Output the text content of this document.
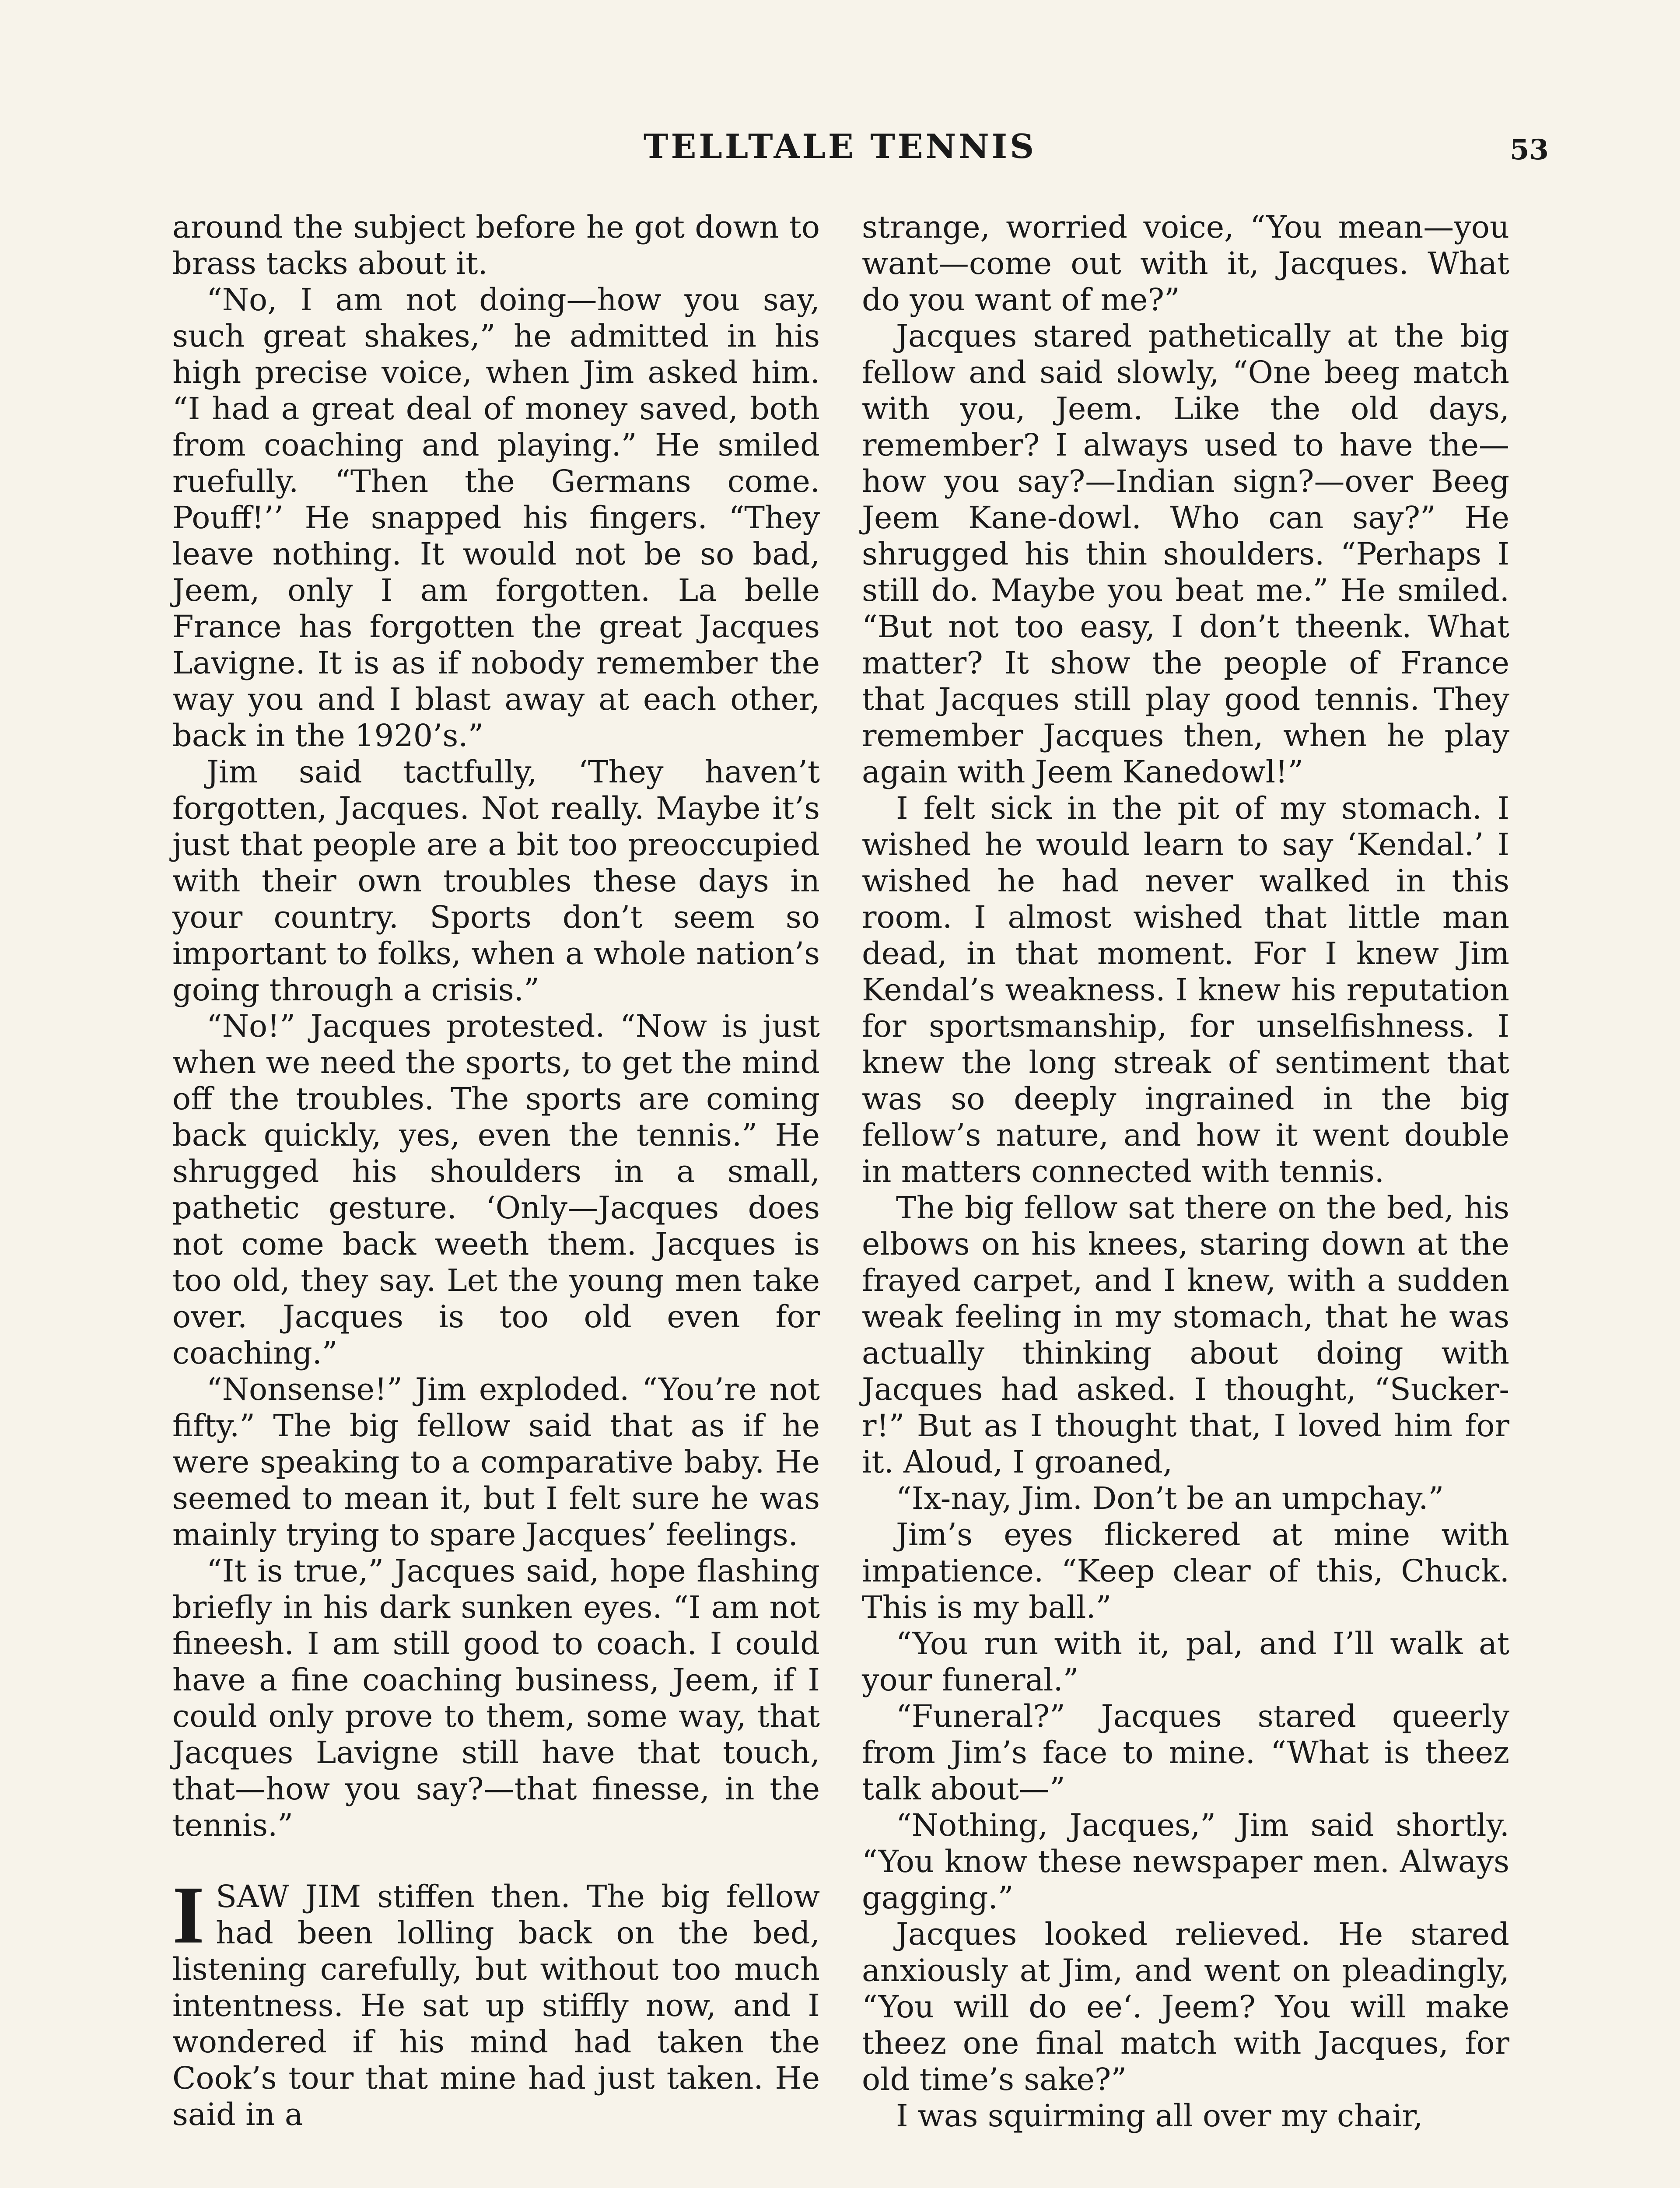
TELLTALE TENNIS	53

around the subject before he got down to brass tacks about it.

“No, I am not doing—how you say, such great shakes,” he admitted in his high precise voice, when Jim asked him. “I had a great deal of money saved, both from coaching and playing.” He smiled ruefully. “Then the Germans come. Pouff!’’ He snapped his fingers. “They leave nothing. It would not be so bad, Jeem, only I am forgotten. La belle France has forgotten the great Jacques Lavigne. It is as if nobody remember the way you and I blast away at each other, back in the 1920’s.”

Jim said tactfully, ‘They haven’t forgotten, Jacques. Not really. Maybe it’s just that people are a bit too preoccupied with their own troubles these days in your country. Sports don’t seem so important to folks, when a whole nation’s going through a crisis.”

“No!” Jacques protested. “Now is just when we need the sports, to get the mind off the troubles. The sports are coming back quickly, yes, even the tennis.” He shrugged his shoulders in a small, pathetic gesture. ‘Only—Jacques does not come back weeth them. Jacques is too old, they say. Let the young men take over. Jacques is too old even for coaching.”

“Nonsense!” Jim exploded. “You’re not fifty.” The big fellow said that as if he were speaking to a comparative baby. He seemed to mean it, but I felt sure he was mainly trying to spare Jacques’ feelings.

“It is true,” Jacques said, hope flashing briefly in his dark sunken eyes. “I am not fineesh. I am still good to coach. I could have a fine coaching business, Jeem, if I could only prove to them, some way, that Jacques Lavigne still have that touch, that—how you say?—that finesse, in the tennis.”

I SAW JIM stiffen then. The big fellow had been lolling back on the bed, listening carefully, but without too much intentness. He sat up stiffly now, and I wondered if his mind had taken the Cook’s tour that mine had just taken. He said in a

strange, worried voice, “You mean—you want—come out with it, Jacques. What do you want of me?”

Jacques stared pathetically at the big fellow and said slowly, “One beeg match with you, Jeem. Like the old days, remember? I always used to have the—how you say?—Indian sign?—over Beeg Jeem Kane-dowl. Who can say?” He shrugged his thin shoulders. “Perhaps I still do. Maybe you beat me.” He smiled. “But not too easy, I don’t theenk. What matter? It show the people of France that Jacques still play good tennis. They remember Jacques then, when he play again with Jeem Kanedowl!”

I felt sick in the pit of my stomach. I wished he would learn to say ‘Kendal.’ I wished he had never walked in this room. I almost wished that little man dead, in that moment. For I knew Jim Kendal’s weakness. I knew his reputation for sportsmanship, for unselfishness. I knew the long streak of sentiment that was so deeply ingrained in the big fellow’s nature, and how it went double in matters connected with tennis.

The big fellow sat there on the bed, his elbows on his knees, staring down at the frayed carpet, and I knew, with a sudden weak feeling in my stomach, that he was actually thinking about doing with Jacques had asked. I thought, “Sucker-r!” But as I thought that, I loved him for it. Aloud, I groaned,

“Ix-nay, Jim. Don’t be an umpchay.”

Jim’s eyes flickered at mine with impatience. “Keep clear of this, Chuck. This is my ball.”

“You run with it, pal, and I’ll walk at your funeral.”

“Funeral?” Jacques stared queerly from Jim’s face to mine. “What is theez talk about—”

“Nothing, Jacques,” Jim said shortly. “You know these newspaper men. Always gagging.”

Jacques looked relieved. He stared anxiously at Jim, and went on pleadingly, “You will do ee‘. Jeem? You will make theez one final match with Jacques, for old time’s sake?”

I was squirming all over my chair,
